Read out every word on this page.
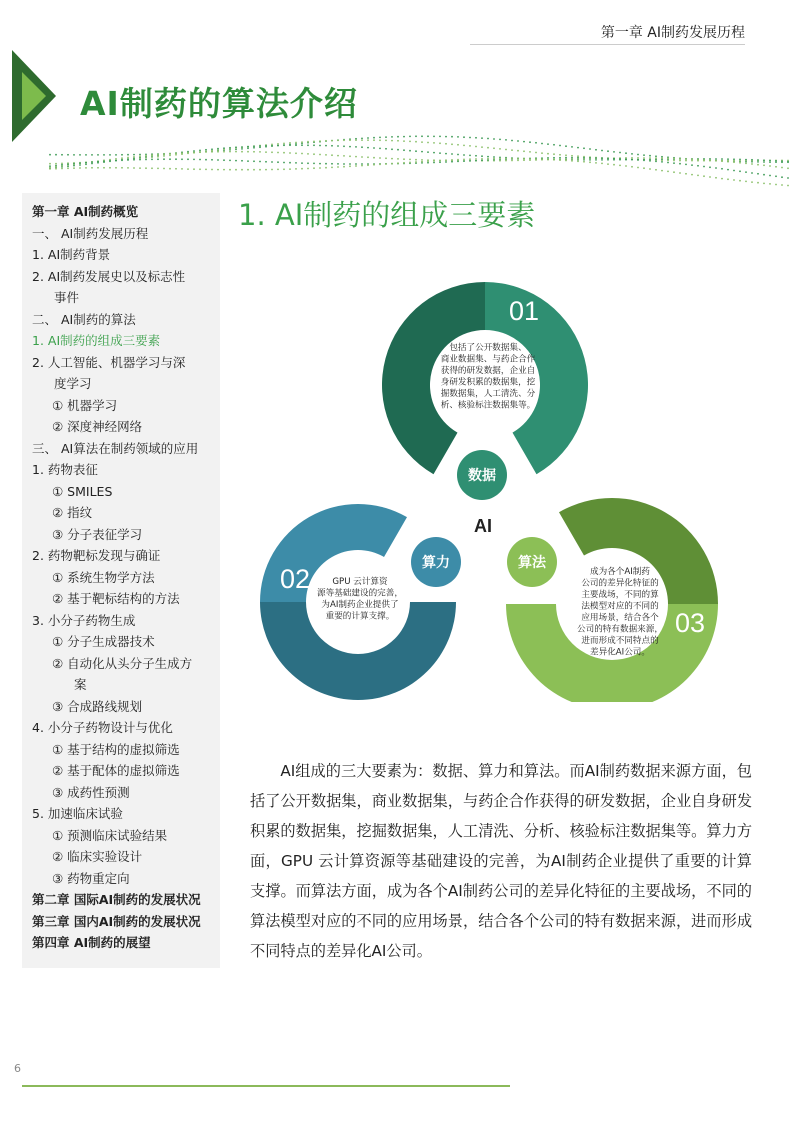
第一章 AI制药发展历程
AI制药的算法介绍
第一章 AI制药概览
一、 AI制药发展历程
1. AI制药背景
2. AI制药发展史以及标志性
事件
二、 AI制药的算法
1. AI制药的组成三要素
2. 人工智能、机器学习与深
度学习
① 机器学习
② 深度神经网络
三、 AI算法在制药领域的应用
1. 药物表征
① SMILES
② 指纹
③ 分子表征学习
2. 药物靶标发现与确证
① 系统生物学方法
② 基于靶标结构的方法
3. 小分子药物生成
① 分子生成器技术
② 自动化从头分子生成方
案
③ 合成路线规划
4. 小分子药物设计与优化
① 基于结构的虚拟筛选
② 基于配体的虚拟筛选
③ 成药性预测
5. 加速临床试验
① 预测临床试验结果
② 临床实验设计
③ 药物重定向
第二章 国际AI制药的发展状况
第三章 国内AI制药的发展状况
第四章 AI制药的展望
1. AI制药的组成三要素
01
包括了公开数据集、
商业数据集、与药企合作
获得的研发数据，企业自
身研发积累的数据集，挖
掘数据集，人工清洗、分
析、核验标注数据集等。
数据
02	GPU 云计算资
源等基础建设的完善，
为AI制药企业提供了
重要的计算支撑。
算力
03
成为各个AI制药
公司的差异化特征的
主要战场，不同的算
法模型对应的不同的
应用场景，结合各个
公司的特有数据来源，
进而形成不同特点的
差异化AI公司。
算法
AI

AI组成的三大要素为：数据、算力和算法。而AI制药数据来源方面，包括了公开数据集，商业数据集，与药企合作获得的研发数据，企业自身研发积累的数据集，挖掘数据集，人工清洗、分析、核验标注数据集等。算力方面，GPU 云计算资源等基础建设的完善，为AI制药企业提供了重要的计算支撑。而算法方面，成为各个AI制药公司的差异化特征的主要战场，不同的算法模型对应的不同的应用场景，结合各个公司的特有数据来源，进而形成不同特点的差异化AI公司。

6
